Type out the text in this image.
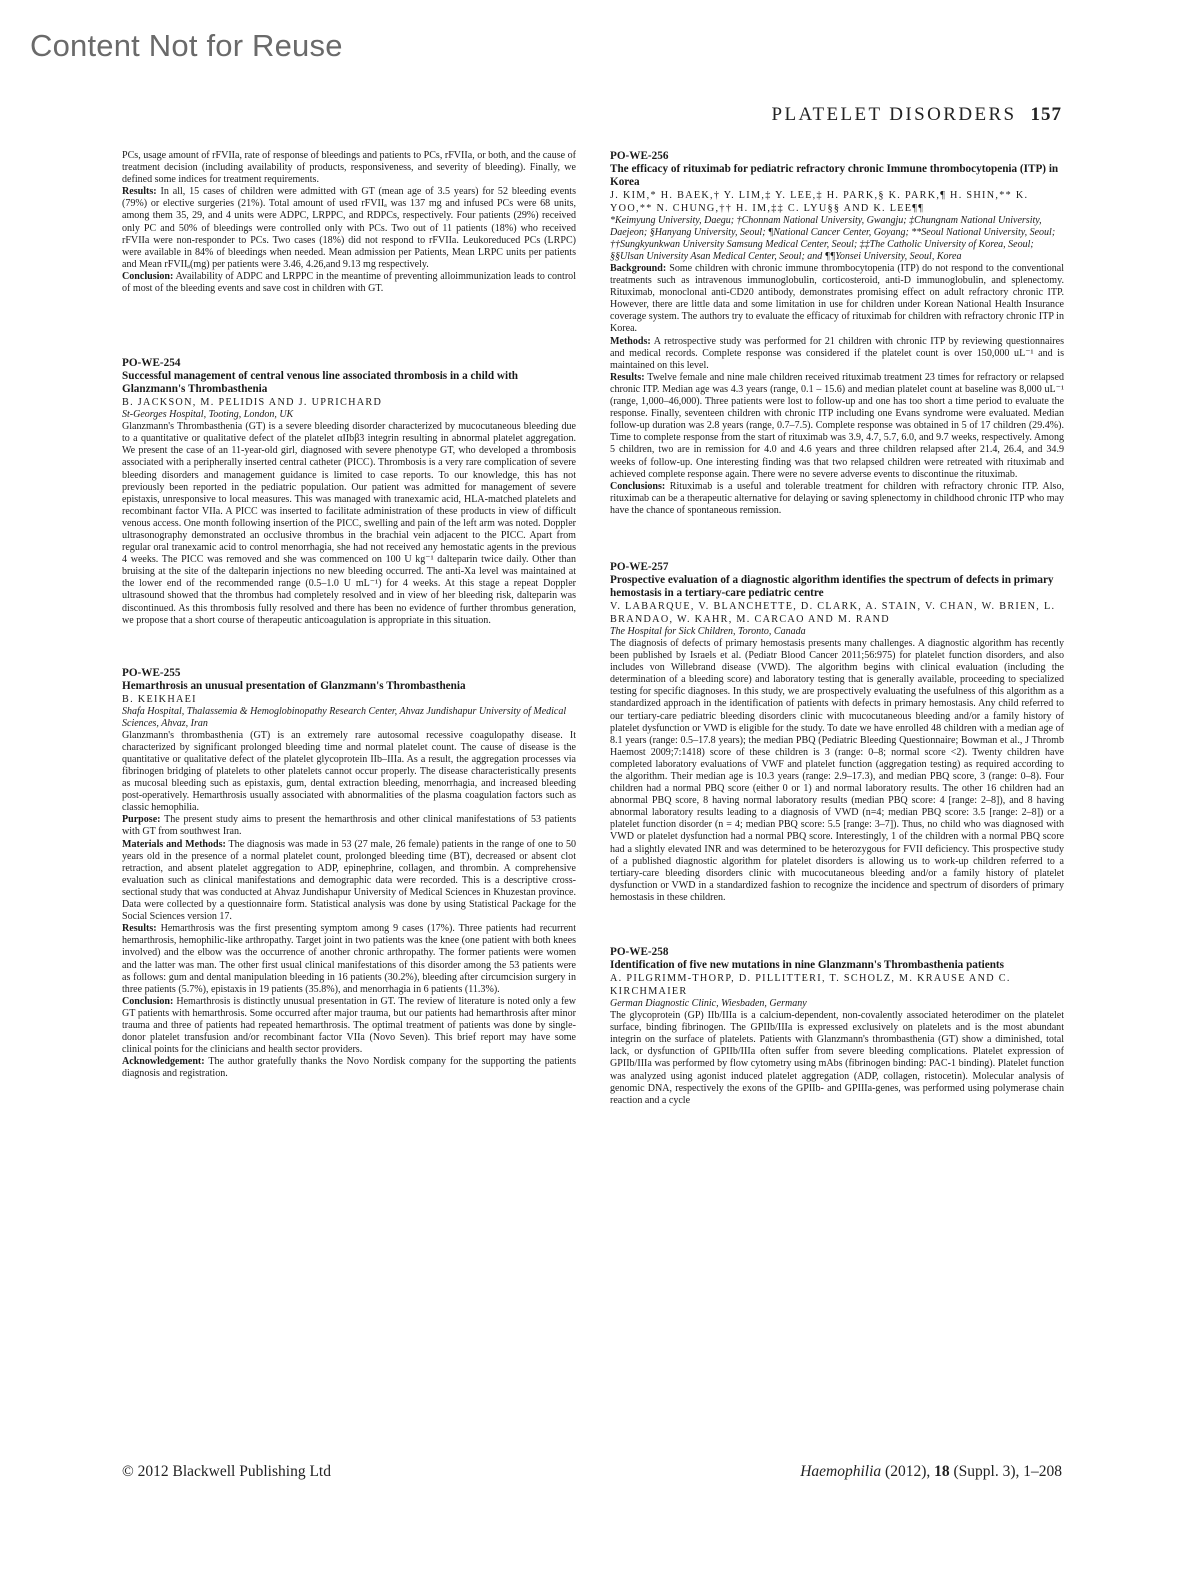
Content Not for Reuse
PLATELET DISORDERS 157

PCs, usage amount of rFVIIa, rate of response of bleedings and patients to PCs, rFVIIa, or both, and the cause of treatment decision (including availability of products, responsiveness, and severity of bleeding). Finally, we defined some indices for treatment requirements.

Results: In all, 15 cases of children were admitted with GT (mean age of 3.5 years) for 52 bleeding events (79%) or elective surgeries (21%). Total amount of used rFVIIₐ was 137 mg and infused PCs were 68 units, among them 35, 29, and 4 units were ADPC, LRPPC, and RDPCs, respectively. Four patients (29%) received only PC and 50% of bleedings were controlled only with PCs. Two out of 11 patients (18%) who received rFVIIa were non-responder to PCs. Two cases (18%) did not respond to rFVIIa. Leukoreduced PCs (LRPC) were available in 84% of bleedings when needed. Mean admission per Patients, Mean LRPC units per patients and Mean rFVIIₐ(mg) per patients were 3.46, 4.26,and 9.13 mg respectively.

Conclusion: Availability of ADPC and LRPPC in the meantime of preventing alloimmunization leads to control of most of the bleeding events and save cost in children with GT.

PO-WE-254

Successful management of central venous line associated thrombosis in a child with Glanzmann's Thrombasthenia

B. JACKSON, M. PELIDIS AND J. UPRICHARD

St-Georges Hospital, Tooting, London, UK

Glanzmann's Thrombasthenia (GT) is a severe bleeding disorder characterized by mucocutaneous bleeding due to a quantitative or qualitative defect of the platelet αIIbβ3 integrin resulting in abnormal platelet aggregation. We present the case of an 11-year-old girl, diagnosed with severe phenotype GT, who developed a thrombosis associated with a peripherally inserted central catheter (PICC). Thrombosis is a very rare complication of severe bleeding disorders and management guidance is limited to case reports. To our knowledge, this has not previously been reported in the pediatric population. Our patient was admitted for management of severe epistaxis, unresponsive to local measures. This was managed with tranexamic acid, HLA-matched platelets and recombinant factor VIIa. A PICC was inserted to facilitate administration of these products in view of difficult venous access. One month following insertion of the PICC, swelling and pain of the left arm was noted. Doppler ultrasonography demonstrated an occlusive thrombus in the brachial vein adjacent to the PICC. Apart from regular oral tranexamic acid to control menorrhagia, she had not received any hemostatic agents in the previous 4 weeks. The PICC was removed and she was commenced on 100 U kg⁻¹ dalteparin twice daily. Other than bruising at the site of the dalteparin injections no new bleeding occurred. The anti-Xa level was maintained at the lower end of the recommended range (0.5–1.0 U mL⁻¹) for 4 weeks. At this stage a repeat Doppler ultrasound showed that the thrombus had completely resolved and in view of her bleeding risk, dalteparin was discontinued. As this thrombosis fully resolved and there has been no evidence of further thrombus generation, we propose that a short course of therapeutic anticoagulation is appropriate in this situation.

PO-WE-255

Hemarthrosis an unusual presentation of Glanzmann's Thrombasthenia

B. KEIKHAEI

Shafa Hospital, Thalassemia & Hemoglobinopathy Research Center, Ahvaz Jundishapur University of Medical Sciences, Ahvaz, Iran

Glanzmann's thrombasthenia (GT) is an extremely rare autosomal recessive coagulopathy disease. It characterized by significant prolonged bleeding time and normal platelet count. The cause of disease is the quantitative or qualitative defect of the platelet glycoprotein IIb–IIIa. As a result, the aggregation processes via fibrinogen bridging of platelets to other platelets cannot occur properly. The disease characteristically presents as mucosal bleeding such as epistaxis, gum, dental extraction bleeding, menorrhagia, and increased bleeding post-operatively. Hemarthrosis usually associated with abnormalities of the plasma coagulation factors such as classic hemophilia.

Purpose: The present study aims to present the hemarthrosis and other clinical manifestations of 53 patients with GT from southwest Iran.

Materials and Methods: The diagnosis was made in 53 (27 male, 26 female) patients in the range of one to 50 years old in the presence of a normal platelet count, prolonged bleeding time (BT), decreased or absent clot retraction, and absent platelet aggregation to ADP, epinephrine, collagen, and thrombin. A comprehensive evaluation such as clinical manifestations and demographic data were recorded. This is a descriptive cross-sectional study that was conducted at Ahvaz Jundishapur University of Medical Sciences in Khuzestan province. Data were collected by a questionnaire form. Statistical analysis was done by using Statistical Package for the Social Sciences version 17.

Results: Hemarthrosis was the first presenting symptom among 9 cases (17%). Three patients had recurrent hemarthrosis, hemophilic-like arthropathy. Target joint in two patients was the knee (one patient with both knees involved) and the elbow was the occurrence of another chronic arthropathy. The former patients were women and the latter was man. The other first usual clinical manifestations of this disorder among the 53 patients were as follows: gum and dental manipulation bleeding in 16 patients (30.2%), bleeding after circumcision surgery in three patients (5.7%), epistaxis in 19 patients (35.8%), and menorrhagia in 6 patients (11.3%).

Conclusion: Hemarthrosis is distinctly unusual presentation in GT. The review of literature is noted only a few GT patients with hemarthrosis. Some occurred after major trauma, but our patients had hemarthrosis after minor trauma and three of patients had repeated hemarthrosis. The optimal treatment of patients was done by single-donor platelet transfusion and/or recombinant factor VIIa (Novo Seven). This brief report may have some clinical points for the clinicians and health sector providers.

Acknowledgement: The author gratefully thanks the Novo Nordisk company for the supporting the patients diagnosis and registration.

PO-WE-256

The efficacy of rituximab for pediatric refractory chronic Immune thrombocytopenia (ITP) in Korea

J. KIM,* H. BAEK,† Y. LIM,‡ Y. LEE,‡ H. PARK,§ K. PARK,¶ H. SHIN,** K. YOO,** N. CHUNG,†† H. IM,‡‡ C. LYU§§ AND K. LEE¶¶

*Keimyung University, Daegu; †Chonnam National University, Gwangju; ‡Chungnam National University, Daejeon; §Hanyang University, Seoul; ¶National Cancer Center, Goyang; **Seoul National University, Seoul; ††Sungkyunkwan University Samsung Medical Center, Seoul; ‡‡The Catholic University of Korea, Seoul; §§Ulsan University Asan Medical Center, Seoul; and ¶¶Yonsei University, Seoul, Korea

Background: Some children with chronic immune thrombocytopenia (ITP) do not respond to the conventional treatments such as intravenous immunoglobulin, corticosteroid, anti-D immunoglobulin, and splenectomy. Rituximab, monoclonal anti-CD20 antibody, demonstrates promising effect on adult refractory chronic ITP. However, there are little data and some limitation in use for children under Korean National Health Insurance coverage system. The authors try to evaluate the efficacy of rituximab for children with refractory chronic ITP in Korea.

Methods: A retrospective study was performed for 21 children with chronic ITP by reviewing questionnaires and medical records. Complete response was considered if the platelet count is over 150,000 uL⁻¹ and is maintained on this level.

Results: Twelve female and nine male children received rituximab treatment 23 times for refractory or relapsed chronic ITP. Median age was 4.3 years (range, 0.1 – 15.6) and median platelet count at baseline was 8,000 uL⁻¹ (range, 1,000–46,000). Three patients were lost to follow-up and one has too short a time period to evaluate the response. Finally, seventeen children with chronic ITP including one Evans syndrome were evaluated. Median follow-up duration was 2.8 years (range, 0.7–7.5). Complete response was obtained in 5 of 17 children (29.4%). Time to complete response from the start of rituximab was 3.9, 4.7, 5.7, 6.0, and 9.7 weeks, respectively. Among 5 children, two are in remission for 4.0 and 4.6 years and three children relapsed after 21.4, 26.4, and 34.9 weeks of follow-up. One interesting finding was that two relapsed children were retreated with rituximab and achieved complete response again. There were no severe adverse events to discontinue the rituximab.

Conclusions: Rituximab is a useful and tolerable treatment for children with refractory chronic ITP. Also, rituximab can be a therapeutic alternative for delaying or saving splenectomy in childhood chronic ITP who may have the chance of spontaneous remission.

PO-WE-257

Prospective evaluation of a diagnostic algorithm identifies the spectrum of defects in primary hemostasis in a tertiary-care pediatric centre

V. LABARQUE, V. BLANCHETTE, D. CLARK, A. STAIN, V. CHAN, W. BRIEN, L. BRANDAO, W. KAHR, M. CARCAO AND M. RAND

The Hospital for Sick Children, Toronto, Canada

The diagnosis of defects of primary hemostasis presents many challenges. A diagnostic algorithm has recently been published by Israels et al. (Pediatr Blood Cancer 2011;56:975) for platelet function disorders, and also includes von Willebrand disease (VWD). The algorithm begins with clinical evaluation (including the determination of a bleeding score) and laboratory testing that is generally available, proceeding to specialized testing for specific diagnoses. In this study, we are prospectively evaluating the usefulness of this algorithm as a standardized approach in the identification of patients with defects in primary hemostasis. Any child referred to our tertiary-care pediatric bleeding disorders clinic with mucocutaneous bleeding and/or a family history of platelet dysfunction or VWD is eligible for the study. To date we have enrolled 48 children with a median age of 8.1 years (range: 0.5–17.8 years); the median PBQ (Pediatric Bleeding Questionnaire; Bowman et al., J Thromb Haemost 2009;7:1418) score of these children is 3 (range: 0–8; normal score <2). Twenty children have completed laboratory evaluations of VWF and platelet function (aggregation testing) as required according to the algorithm. Their median age is 10.3 years (range: 2.9–17.3), and median PBQ score, 3 (range: 0–8). Four children had a normal PBQ score (either 0 or 1) and normal laboratory results. The other 16 children had an abnormal PBQ score, 8 having normal laboratory results (median PBQ score: 4 [range: 2–8]), and 8 having abnormal laboratory results leading to a diagnosis of VWD (n=4; median PBQ score: 3.5 [range: 2–8]) or a platelet function disorder (n = 4; median PBQ score: 5.5 [range: 3–7]). Thus, no child who was diagnosed with VWD or platelet dysfunction had a normal PBQ score. Interestingly, 1 of the children with a normal PBQ score had a slightly elevated INR and was determined to be heterozygous for FVII deficiency. This prospective study of a published diagnostic algorithm for platelet disorders is allowing us to work-up children referred to a tertiary-care bleeding disorders clinic with mucocutaneous bleeding and/or a family history of platelet dysfunction or VWD in a standardized fashion to recognize the incidence and spectrum of disorders of primary hemostasis in these children.

PO-WE-258

Identification of five new mutations in nine Glanzmann's Thrombasthenia patients

A. PILGRIMM-THORP, D. PILLITTERI, T. SCHOLZ, M. KRAUSE AND C. KIRCHMAIER

German Diagnostic Clinic, Wiesbaden, Germany

The glycoprotein (GP) IIb/IIIa is a calcium-dependent, non-covalently associated heterodimer on the platelet surface, binding fibrinogen. The GPIIb/IIIa is expressed exclusively on platelets and is the most abundant integrin on the surface of platelets. Patients with Glanzmann's thrombasthenia (GT) show a diminished, total lack, or dysfunction of GPIIb/IIIa often suffer from severe bleeding complications. Platelet expression of GPIIb/IIIa was performed by flow cytometry using mAbs (fibrinogen binding: PAC-1 binding). Platelet function was analyzed using agonist induced platelet aggregation (ADP, collagen, ristocetin). Molecular analysis of genomic DNA, respectively the exons of the GPIIb- and GPIIIa-genes, was performed using polymerase chain reaction and a cycle

© 2012 Blackwell Publishing Ltd	Haemophilia (2012), 18 (Suppl. 3), 1–208
